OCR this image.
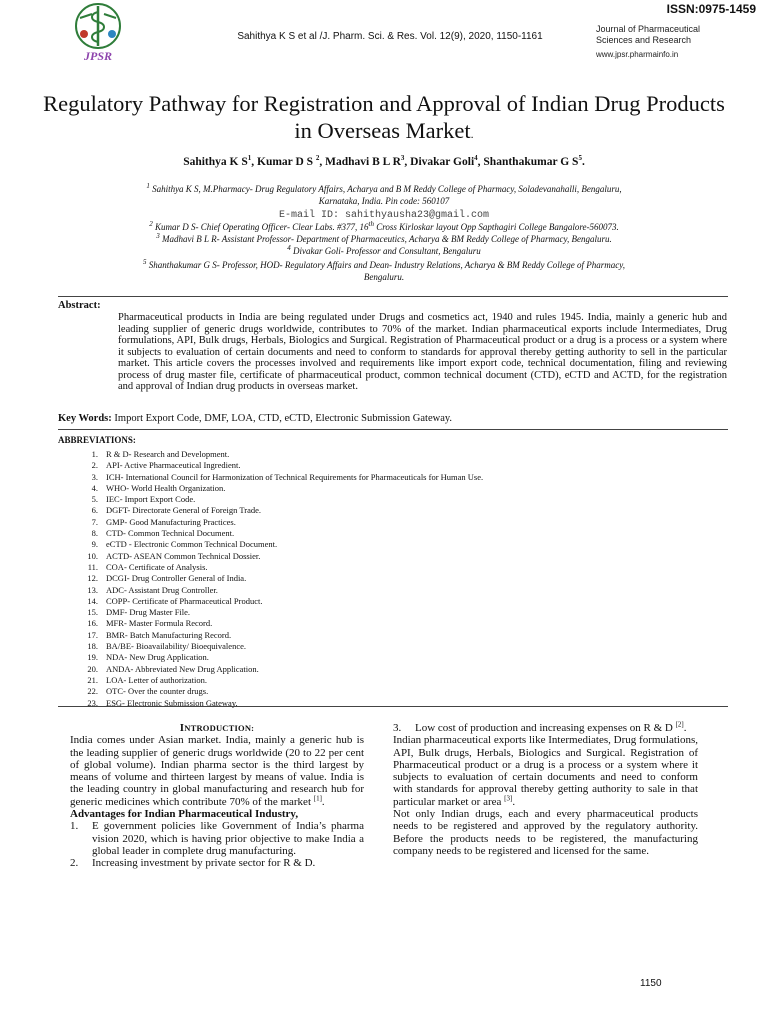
JPSR
Sahithya K S et al /J. Pharm. Sci. & Res. Vol. 12(9), 2020, 1150-1161
ISSN:0975-1459
Journal of Pharmaceutical Sciences and Research
www.jpsr.pharmainfo.in
Regulatory Pathway for Registration and Approval of Indian Drug Products in Overseas Market.
Sahithya K $S^1$, Kumar D S $^2$, Madhavi B L $R^3$, Divakar Goli$^4$, Shanthakumar G $S^5$.
$^1$ Sahithya K S, M.Pharmacy- Drug Regulatory Affairs, Acharya and B M Reddy College of Pharmacy, Soladevanahalli, Bengaluru,
Karnataka, India. Pin code: 560107
E-mail ID: sahithyausha23@gmail.com
$^2$ Kumar D S- Chief Operating Officer- Clear Labs. #377, 16th Cross Kirloskar layout Opp Sapthagiri College Bangalore-560073.
$^3$ Madhavi B L R- Assistant Professor- Department of Pharmaceutics, Acharya & BM Reddy College of Pharmacy, Bengaluru.
$^4$ Divakar Goli- Professor and Consultant, Bengaluru
$^5$ Shanthakumar G S- Professor, HOD- Regulatory Affairs and Dean- Industry Relations, Acharya & BM Reddy College of Pharmacy,
Bengaluru.
Abstract:
Pharmaceutical products in India are being regulated under Drugs and cosmetics act, 1940 and rules 1945. India, mainly a generic hub and leading supplier of generic drugs worldwide, contributes to 70% of the market. Indian pharmaceutical exports include Intermediates, Drug formulations, API, Bulk drugs, Herbals, Biologics and Surgical. Registration of Pharmaceutical product or a drug is a process or a system where it subjects to evaluation of certain documents and need to conform to standards for approval thereby getting authority to sell in the particular market. This article covers the processes involved and requirements like import export code, technical documentation, filing and reviewing process of drug master file, certificate of pharmaceutical product, common technical document (CTD), eCTD and ACTD, for the registration and approval of Indian drug products in overseas market.
Key Words: Import Export Code, DMF, LOA, CTD, eCTD, Electronic Submission Gateway.
ABBREVIATIONS:
1. R & D- Research and Development.
2. API- Active Pharmaceutical Ingredient.
3. ICH- International Council for Harmonization of Technical Requirements for Pharmaceuticals for Human Use.
4. WHO- World Health Organization.
5. IEC- Import Export Code.
6. DGFT- Directorate General of Foreign Trade.
7. GMP- Good Manufacturing Practices.
8. CTD- Common Technical Document.
9. eCTD - Electronic Common Technical Document.
10. ACTD- ASEAN Common Technical Dossier.
11. COA- Certificate of Analysis.
12. DCGI- Drug Controller General of India.
13. ADC- Assistant Drug Controller.
14. COPP- Certificate of Pharmaceutical Product.
15. DMF- Drug Master File.
16. MFR- Master Formula Record.
17. BMR- Batch Manufacturing Record.
18. BA/BE- Bioavailability/ Bioequivalence.
19. NDA- New Drug Application.
20. ANDA- Abbreviated New Drug Application.
21. LOA- Letter of authorization.
22. OTC- Over the counter drugs.
23. ESG- Electronic Submission Gateway.
INTRODUCTION:
India comes under Asian market. India, mainly a generic hub is the leading supplier of generic drugs worldwide (20 to 22 per cent of global volume). Indian pharma sector is the third largest by means of volume and thirteen largest by means of value. India is the leading country in global manufacturing and research hub for generic medicines which contribute 70% of the market [1].
Advantages for Indian Pharmaceutical Industry,
1.	E government policies like Government of India’s pharma vision 2020, which is having prior objective to make India a global leader in complete drug manufacturing.
2.	Increasing investment by private sector for R & D.
3.	Low cost of production and increasing expenses on R & D [2].
Indian pharmaceutical exports like Intermediates, Drug formulations, API, Bulk drugs, Herbals, Biologics and Surgical. Registration of Pharmaceutical product or a drug is a process or a system where it subjects to evaluation of certain documents and need to conform with standards for approval thereby getting authority to sale in that particular market or area [3].
Not only Indian drugs, each and every pharmaceutical products needs to be registered and approved by the regulatory authority. Before the products needs to be registered, the manufacturing company needs to be registered and licensed for the same.
1150
